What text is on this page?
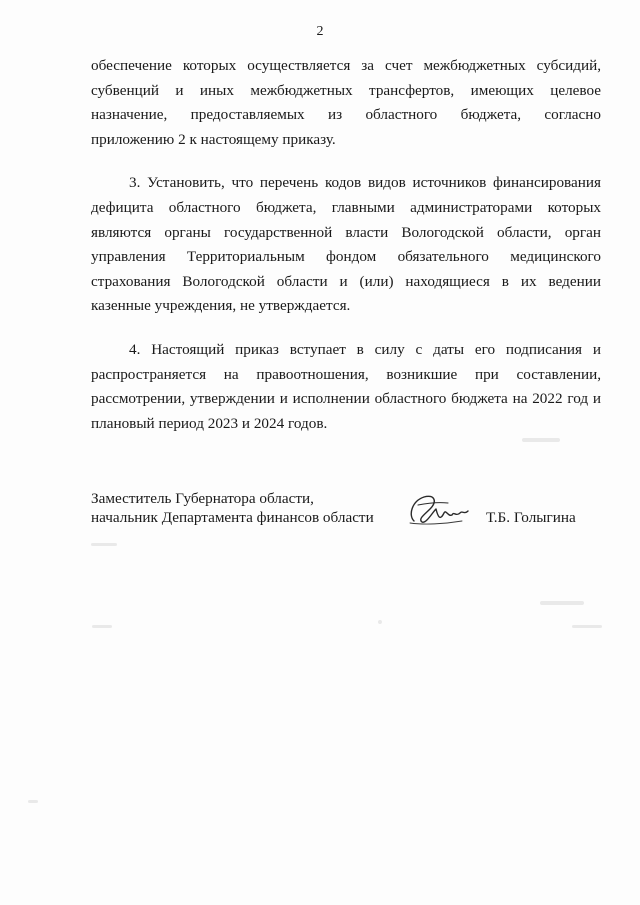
2
обеспечение которых осуществляется за счет межбюджетных субсидий,
субвенций и иных межбюджетных трансфертов, имеющих целевое
назначение, предоставляемых из областного бюджета, согласно
приложению 2 к настоящему приказу.
3. Установить, что перечень кодов видов источников финансирования
дефицита областного бюджета, главными администраторами которых
являются органы государственной власти Вологодской области, орган
управления Территориальным фондом обязательного медицинского
страхования Вологодской области и (или) находящиеся в их ведении
казенные учреждения, не утверждается.
4. Настоящий приказ вступает в силу с даты его подписания и
распространяется на правоотношения, возникшие при составлении,
рассмотрении, утверждении и исполнении областного бюджета на 2022 год и
плановый период 2023 и 2024 годов.
Заместитель Губернатора области,
начальник Департамента финансов области	Т.Б. Голыгина
